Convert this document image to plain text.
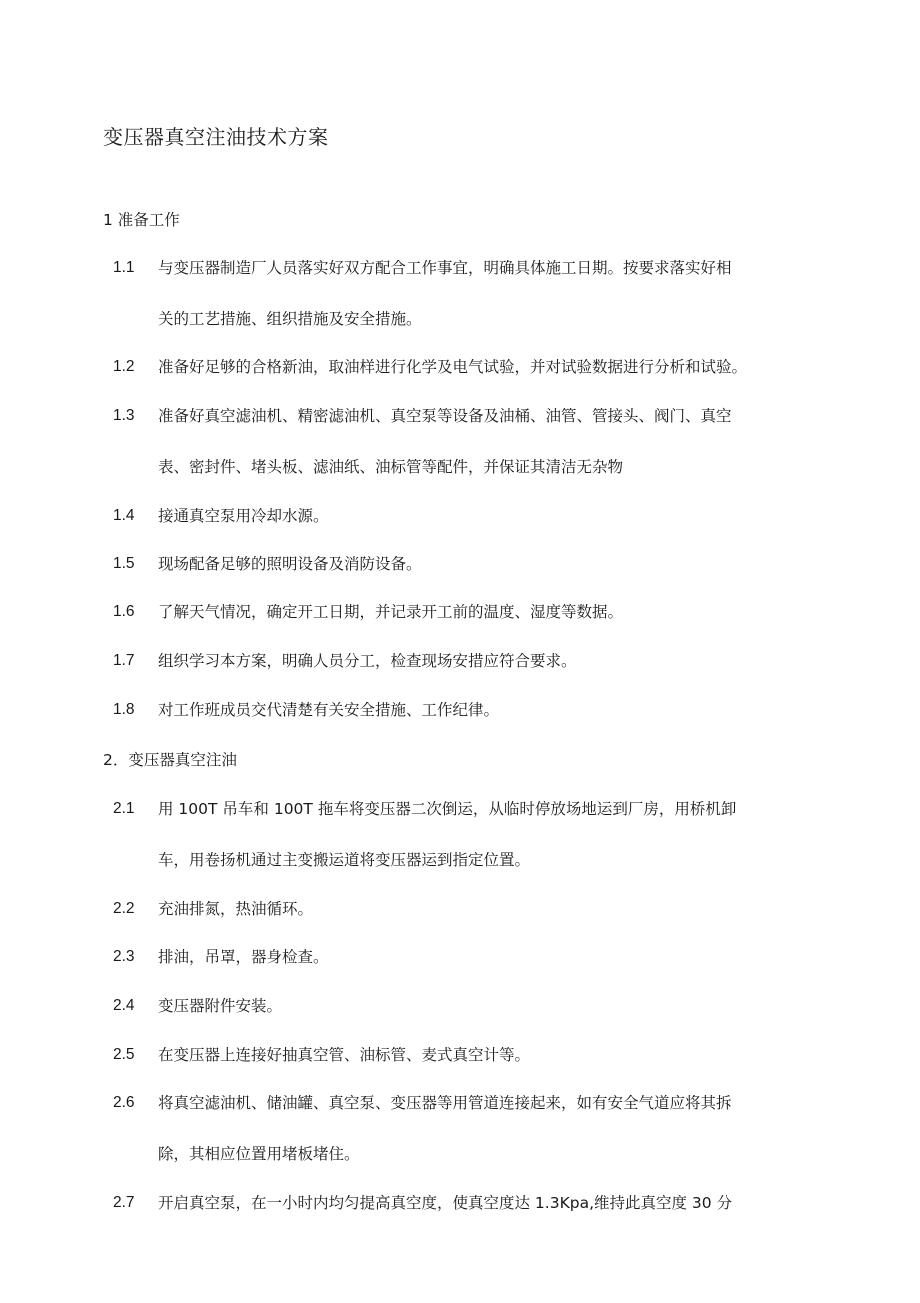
变压器真空注油技术方案
1 准备工作
1.1 与变压器制造厂人员落实好双方配合工作事宜，明确具体施工日期。按要求落实好相
关的工艺措施、组织措施及安全措施。
1.2 准备好足够的合格新油，取油样进行化学及电气试验，并对试验数据进行分析和试验。
1.3 准备好真空滤油机、精密滤油机、真空泵等设备及油桶、油管、管接头、阀门、真空
表、密封件、堵头板、滤油纸、油标管等配件，并保证其清洁无杂物
1.4 接通真空泵用冷却水源。
1.5 现场配备足够的照明设备及消防设备。
1.6 了解天气情况，确定开工日期，并记录开工前的温度、湿度等数据。
1.7 组织学习本方案，明确人员分工，检查现场安措应符合要求。
1.8 对工作班成员交代清楚有关安全措施、工作纪律。
2．变压器真空注油
2.1 用 100T 吊车和 100T 拖车将变压器二次倒运，从临时停放场地运到厂房，用桥机卸
车，用卷扬机通过主变搬运道将变压器运到指定位置。
2.2 充油排氮，热油循环。
2.3 排油，吊罩，器身检查。
2.4 变压器附件安装。
2.5 在变压器上连接好抽真空管、油标管、麦式真空计等。
2.6 将真空滤油机、储油罐、真空泵、变压器等用管道连接起来，如有安全气道应将其拆
除，其相应位置用堵板堵住。
2.7 开启真空泵，在一小时内均匀提高真空度，使真空度达 1.3Kpa,维持此真空度 30 分
